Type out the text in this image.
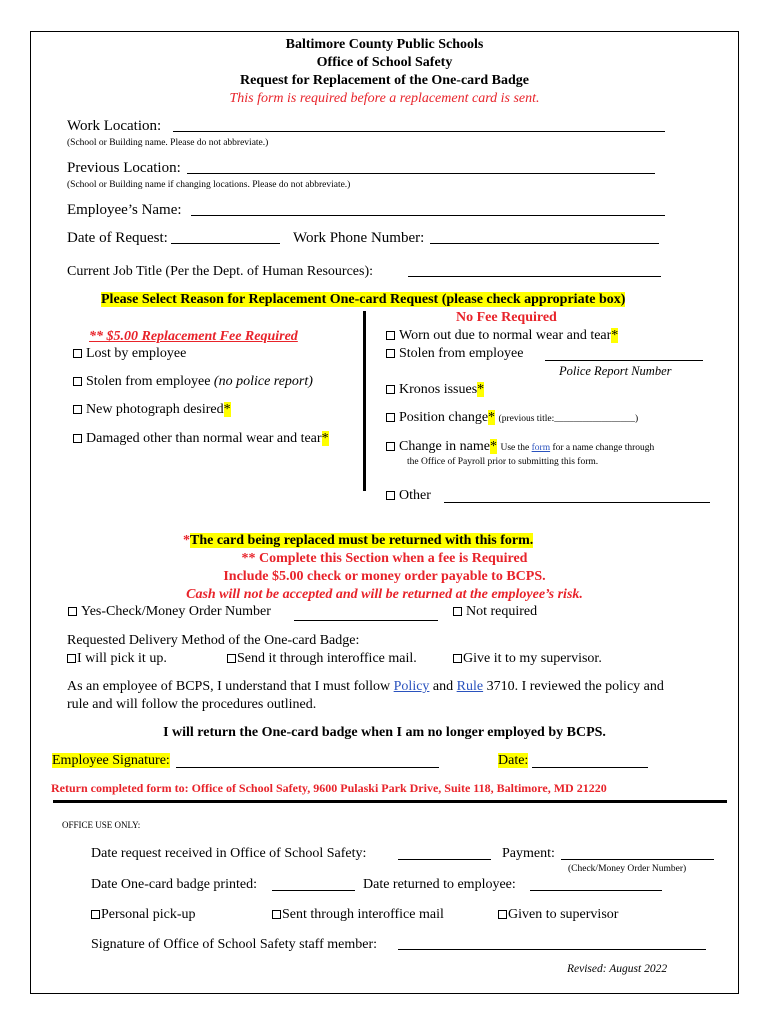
Baltimore County Public Schools
Office of School Safety
Request for Replacement of the One-card Badge
This form is required before a replacement card is sent.
Work Location:
(School or Building name. Please do not abbreviate.)
Previous Location:
(School or Building name if changing locations. Please do not abbreviate.)
Employee’s Name:
Date of Request:	Work Phone Number:
Current Job Title (Per the Dept. of Human Resources):
Please Select Reason for Replacement One-card Request (please check appropriate box)
No Fee Required
** $5.00 Replacement Fee Required
Lost by employee
Stolen from employee (no police report)
New photograph desired*
Damaged other than normal wear and tear*
Worn out due to normal wear and tear*
Stolen from employee
Police Report Number
Kronos issues*
Position change* (previous title:_________________)
Change in name* Use the form for a name change through
the Office of Payroll prior to submitting this form.
Other
*The card being replaced must be returned with this form.
** Complete this Section when a fee is Required
Include $5.00 check or money order payable to BCPS.
Cash will not be accepted and will be returned at the employee’s risk.
Yes-Check/Money Order Number	Not required
Requested Delivery Method of the One-card Badge:
I will pick it up.	Send it through interoffice mail.	Give it to my supervisor.
As an employee of BCPS, I understand that I must follow Policy and Rule 3710. I reviewed the policy and
rule and will follow the procedures outlined.
I will return the One-card badge when I am no longer employed by BCPS.
Employee Signature:	Date:
Return completed form to: Office of School Safety, 9600 Pulaski Park Drive, Suite 118, Baltimore, MD 21220
OFFICE USE ONLY:
Date request received in Office of School Safety:	Payment:
(Check/Money Order Number)
Date One-card badge printed:	Date returned to employee:
Personal pick-up	Sent through interoffice mail	Given to supervisor
Signature of Office of School Safety staff member:
Revised: August 2022
